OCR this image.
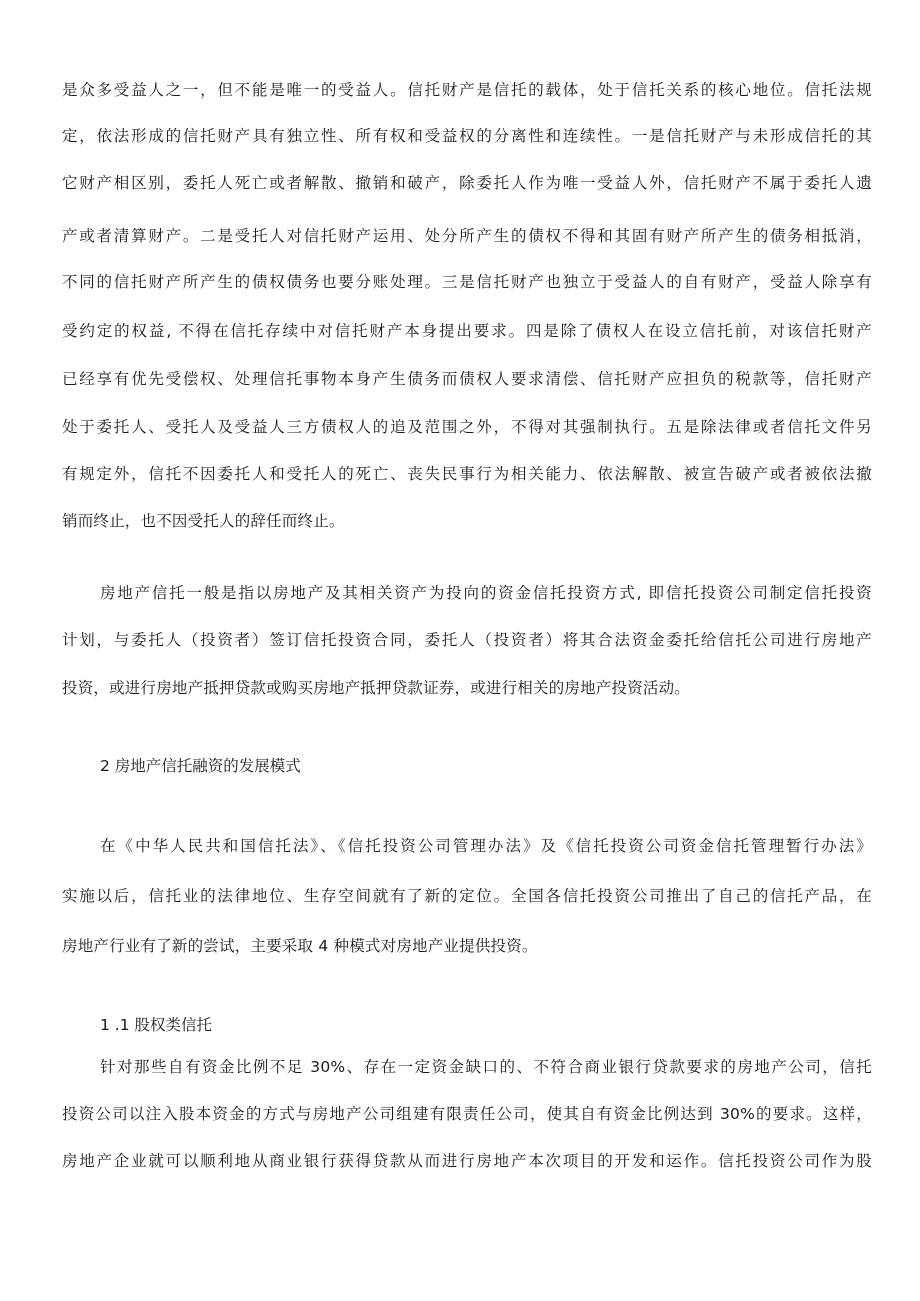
是众多受益人之一，但不能是唯一的受益人。信托财产是信托的载体，处于信托关系的核心地位。信托法规
定，依法形成的信托财产具有独立性、所有权和受益权的分离性和连续性。一是信托财产与未形成信托的其
它财产相区别，委托人死亡或者解散、撤销和破产，除委托人作为唯一受益人外，信托财产不属于委托人遗
产或者清算财产。二是受托人对信托财产运用、处分所产生的债权不得和其固有财产所产生的债务相抵消，
不同的信托财产所产生的债权债务也要分账处理。三是信托财产也独立于受益人的自有财产，受益人除享有
受约定的权益, 不得在信托存续中对信托财产本身提出要求。四是除了债权人在设立信托前，对该信托财产
已经享有优先受偿权、处理信托事物本身产生债务而债权人要求清偿、信托财产应担负的税款等，信托财产
处于委托人、受托人及受益人三方债权人的追及范围之外，不得对其强制执行。五是除法律或者信托文件另
有规定外，信托不因委托人和受托人的死亡、丧失民事行为相关能力、依法解散、被宣告破产或者被依法撤
销而终止，也不因受托人的辞任而终止。
房地产信托一般是指以房地产及其相关资产为投向的资金信托投资方式, 即信托投资公司制定信托投资
计划，与委托人（投资者）签订信托投资合同，委托人（投资者）将其合法资金委托给信托公司进行房地产
投资，或进行房地产抵押贷款或购买房地产抵押贷款证券，或进行相关的房地产投资活动。
2 房地产信托融资的发展模式
在《中华人民共和国信托法》、《信托投资公司管理办法》及《信托投资公司资金信托管理暂行办法》
实施以后，信托业的法律地位、生存空间就有了新的定位。全国各信托投资公司推出了自己的信托产品，在
房地产行业有了新的尝试，主要采取 4 种模式对房地产业提供投资。
1 .1 股权类信托
针对那些自有资金比例不足 30%、存在一定资金缺口的、不符合商业银行贷款要求的房地产公司，信托
投资公司以注入股本资金的方式与房地产公司组建有限责任公司，使其自有资金比例达到 30%的要求。这样，
房地产企业就可以顺利地从商业银行获得贷款从而进行房地产本次项目的开发和运作。信托投资公司作为股
